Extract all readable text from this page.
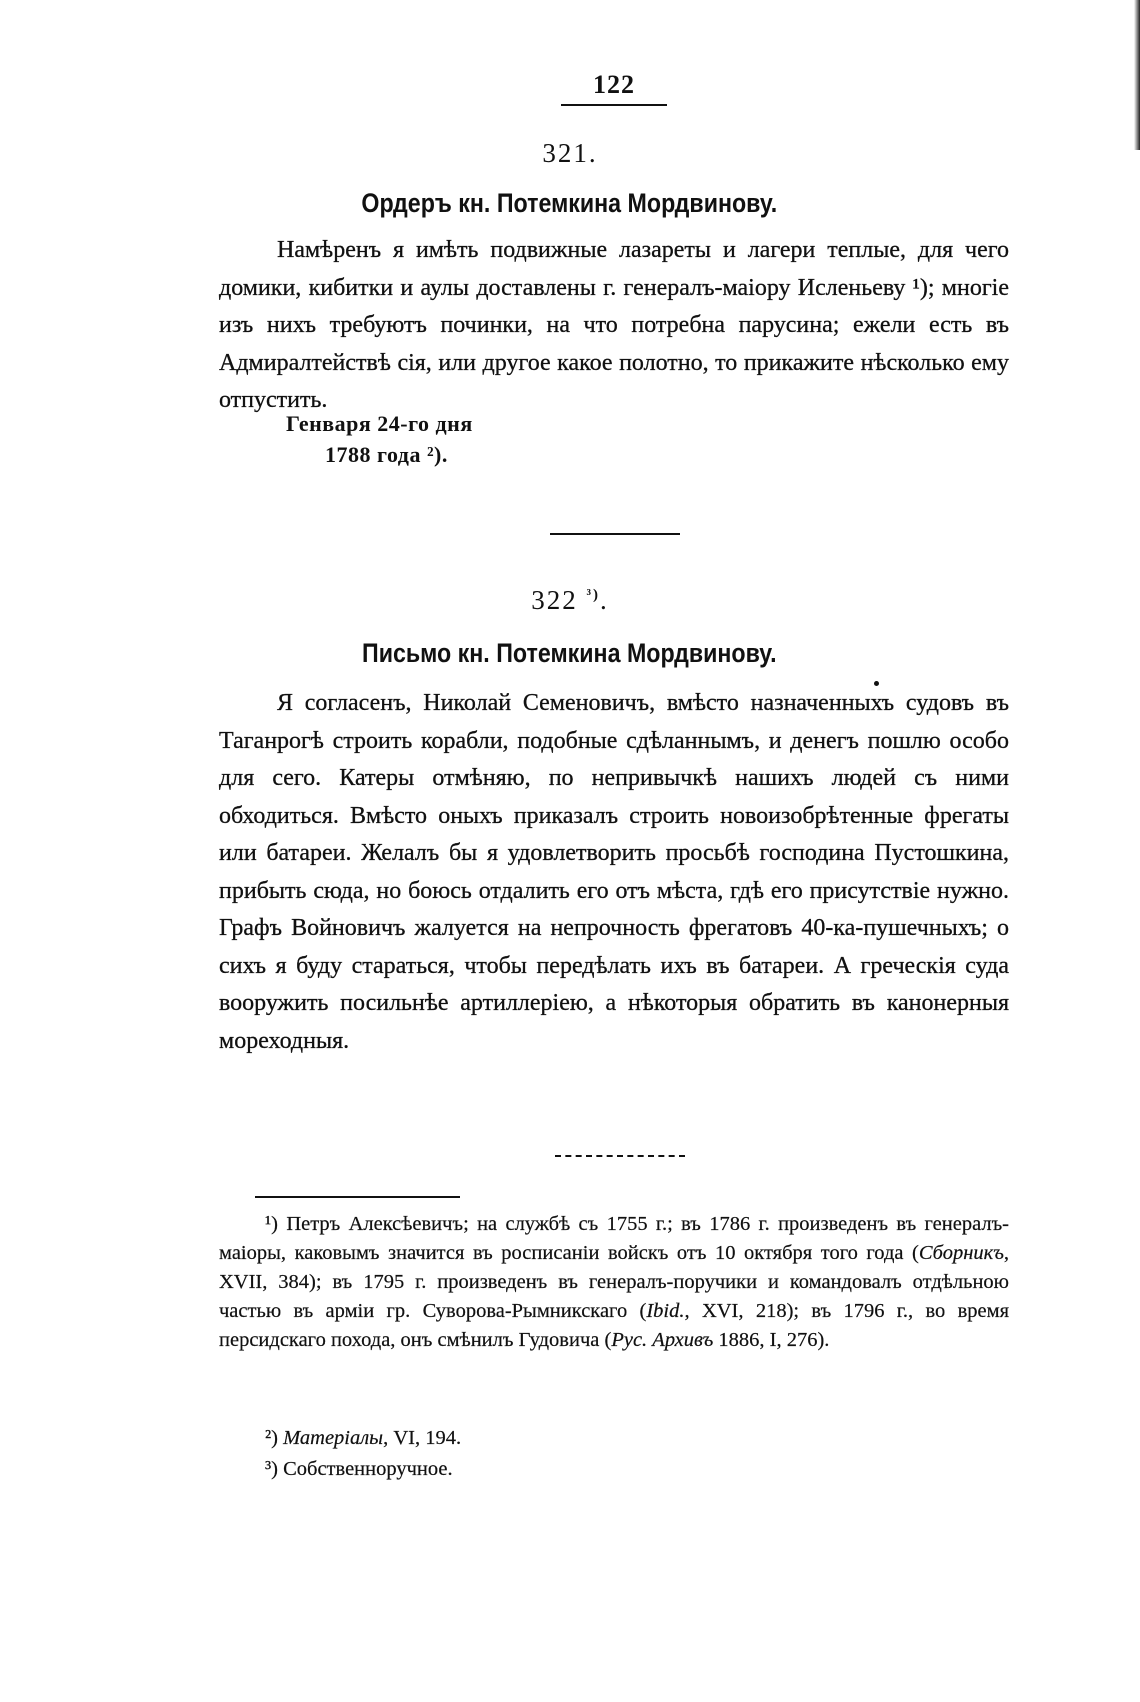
122
321.
Ордеръ кн. Потемкина Мордвинову.
Намѣренъ я имѣть подвижные лазареты и лагери теплые, для чего домики, кибитки и аулы доставлены г. генералъ-маіору Исленьеву ¹); многіе изъ нихъ требуютъ починки, на что потребна парусина; ежели есть въ Адмиралтействѣ сія, или другое какое полотно, то прикажите нѣсколько ему отпустить.
Генваря 24-го дня
1788 года ²).
322 $^{^3)}$.
Письмо кн. Потемкина Мордвинову.
Я согласенъ, Николай Семеновичъ, вмѣсто назначенныхъ судовъ въ Таганрогѣ строить корабли, подобные сдѣланнымъ, и денегъ пошлю особо для сего. Катеры отмѣняю, по непривычкѣ нашихъ людей съ ними обходиться. Вмѣсто оныхъ приказалъ строить новоизобрѣтенные фрегаты или батареи. Желалъ бы я удовлетворить просьбѣ господина Пустошкина, прибыть сюда, но боюсь отдалить его отъ мѣста, гдѣ его присутствіе нужно. Графъ Войновичъ жалуется на непрочность фрегатовъ 40-ка-пушечныхъ; о сихъ я буду стараться, чтобы передѣлать ихъ въ батареи. А греческія суда вооружить посильнѣе артиллеріею, а нѣкоторыя обратить въ канонерныя мореходныя.
¹) Петръ Алексѣевичъ; на службѣ съ 1755 г.; въ 1786 г. произведенъ въ генералъ-маіоры, каковымъ значится въ росписаніи войскъ отъ 10 октября того года (Сборникъ, XVII, 384); въ 1795 г. произведенъ въ генералъ-поручики и командовалъ отдѣльною частью въ арміи гр. Суворова-Рымникскаго (Ibid., XVI, 218); въ 1796 г., во время персидскаго похода, онъ смѣнилъ Гудовича (Рус. Архивъ 1886, I, 276).
²) Матеріалы, VI, 194.
³) Собственноручное.
